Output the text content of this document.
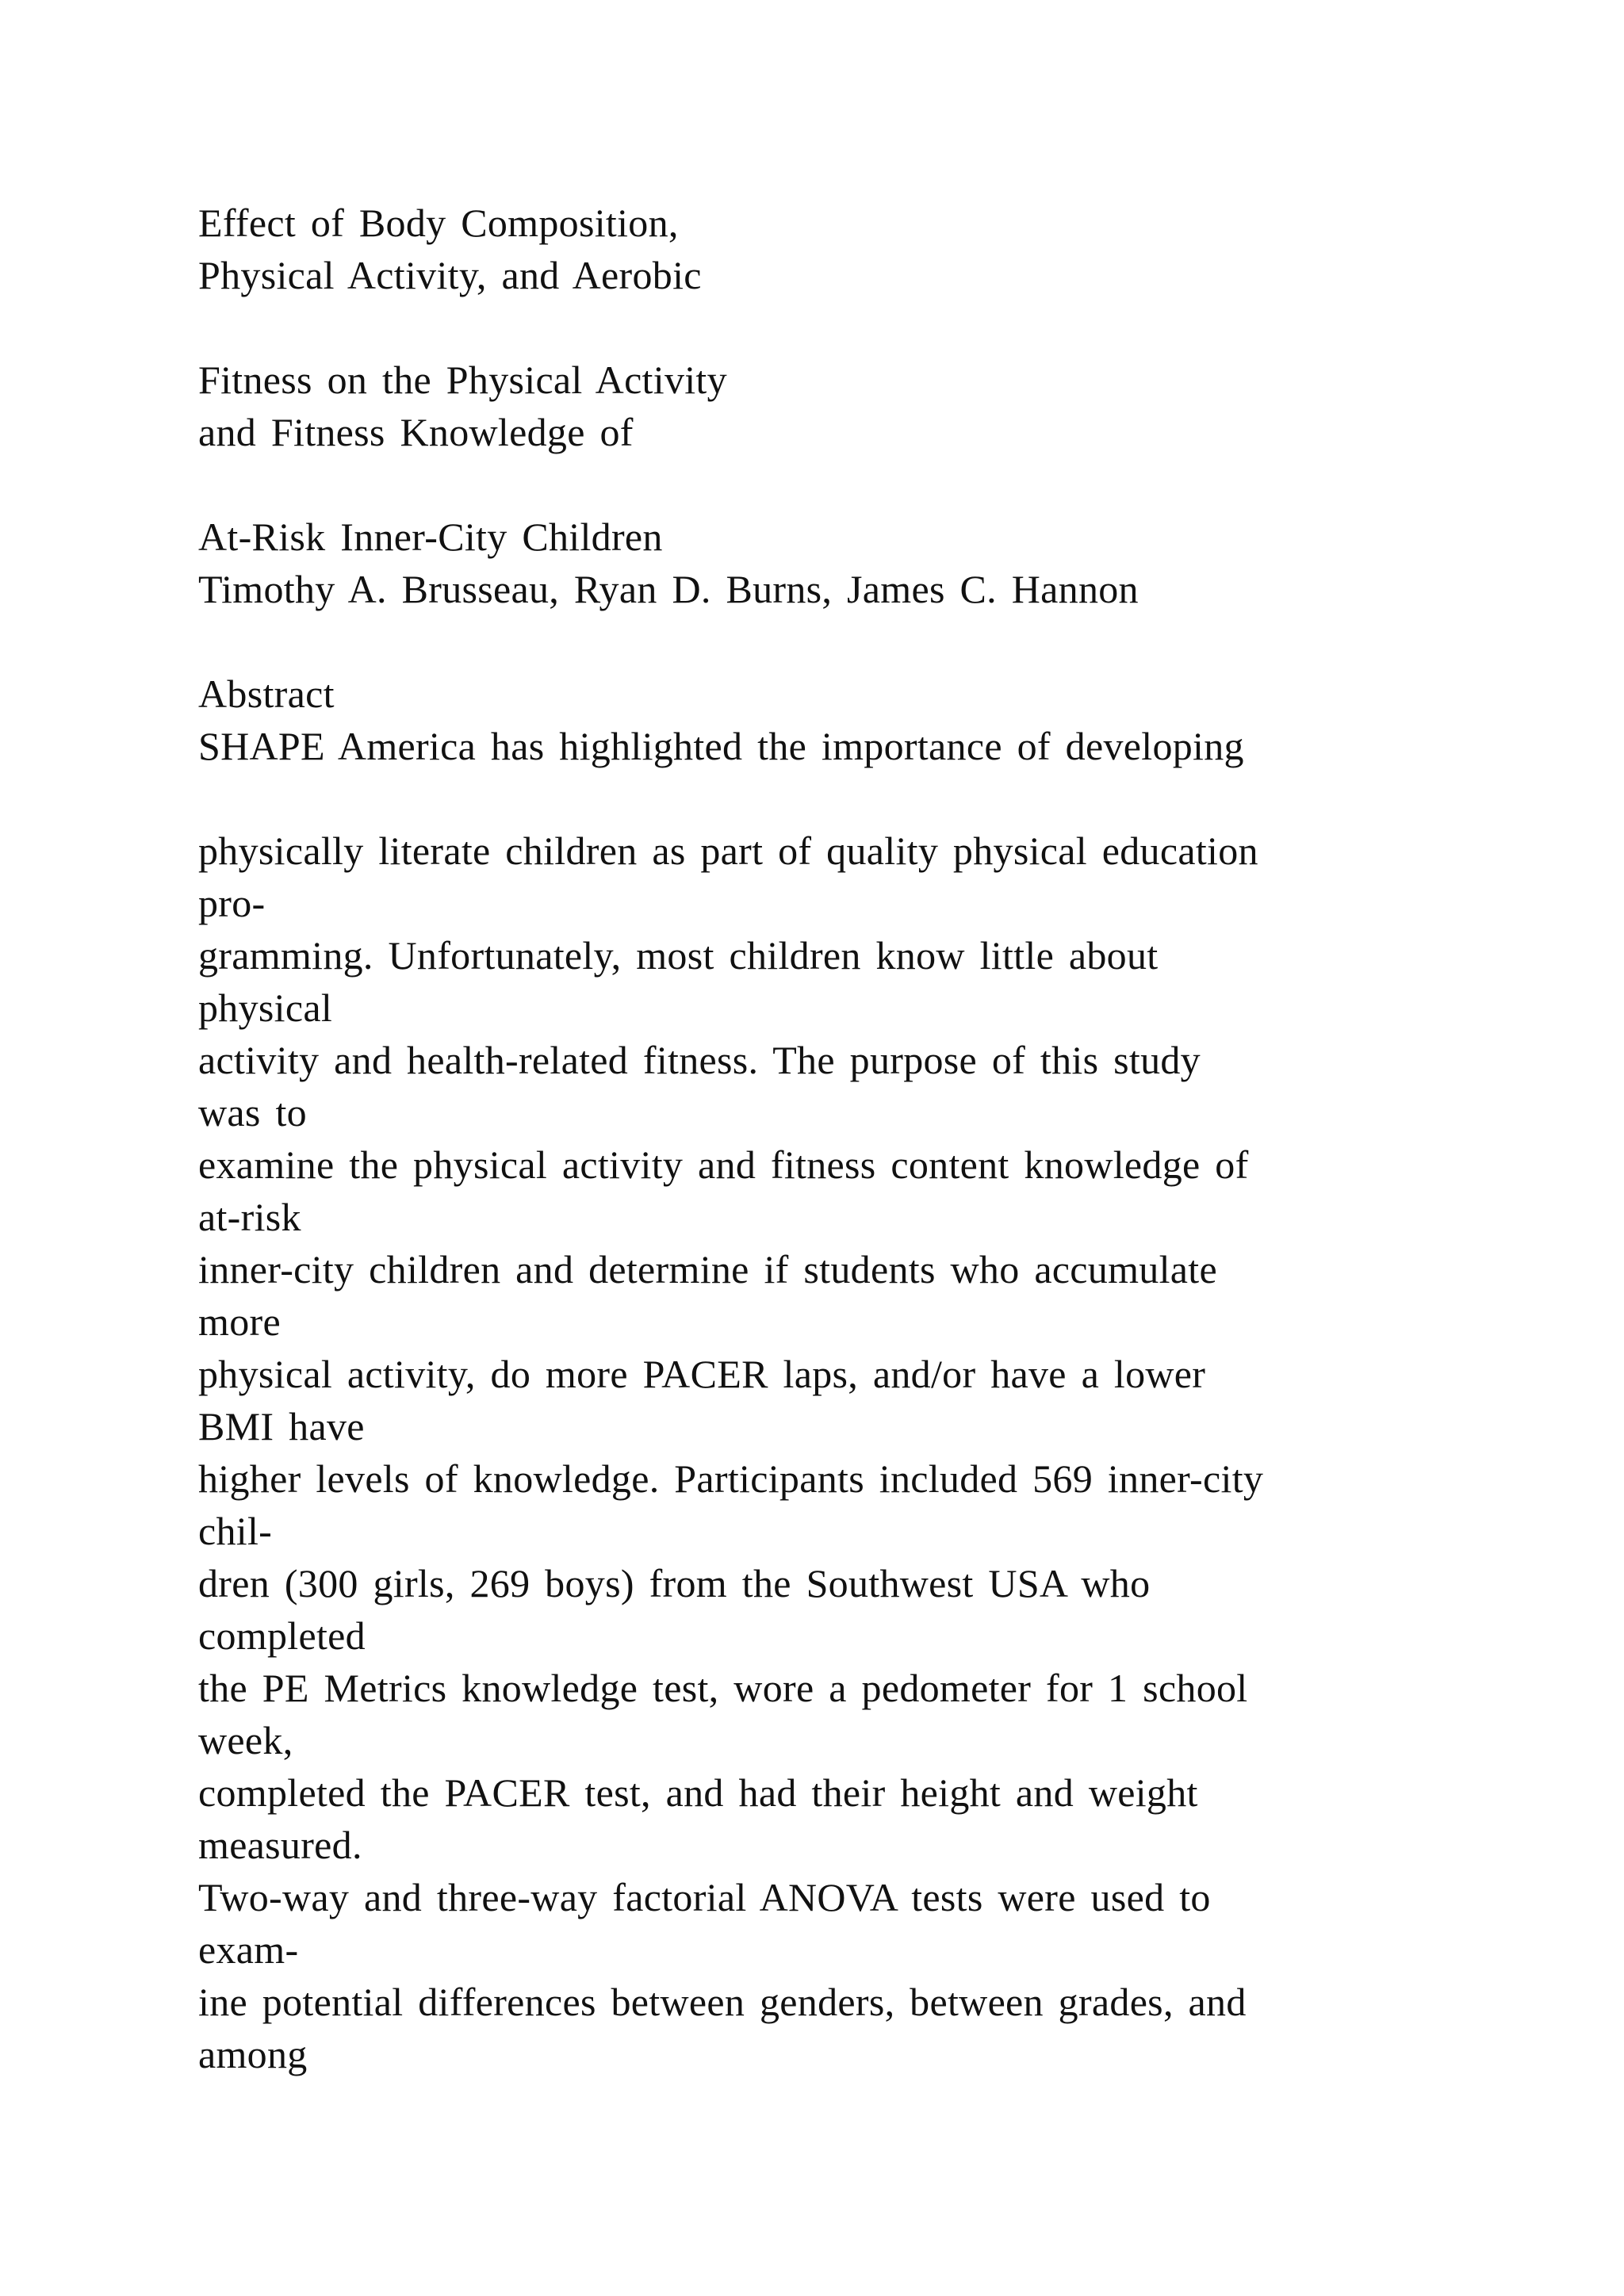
Effect of Body Composition,
Physical Activity, and Aerobic
Fitness on the Physical Activity
and Fitness Knowledge of
At-Risk Inner-City Children
Timothy A. Brusseau, Ryan D. Burns, James C. Hannon
Abstract
SHAPE America has highlighted the importance of developing
physically literate children as part of quality physical education
pro-
gramming. Unfortunately, most children know little about
physical
activity and health-related fitness. The purpose of this study
was to
examine the physical activity and fitness content knowledge of
at-risk
inner-city children and determine if students who accumulate
more
physical activity, do more PACER laps, and/or have a lower
BMI have
higher levels of knowledge. Participants included 569 inner-city
chil-
dren (300 girls, 269 boys) from the Southwest USA who
completed
the PE Metrics knowledge test, wore a pedometer for 1 school
week,
completed the PACER test, and had their height and weight
measured.
Two-way and three-way factorial ANOVA tests were used to
exam-
ine potential differences between genders, between grades, and
among
